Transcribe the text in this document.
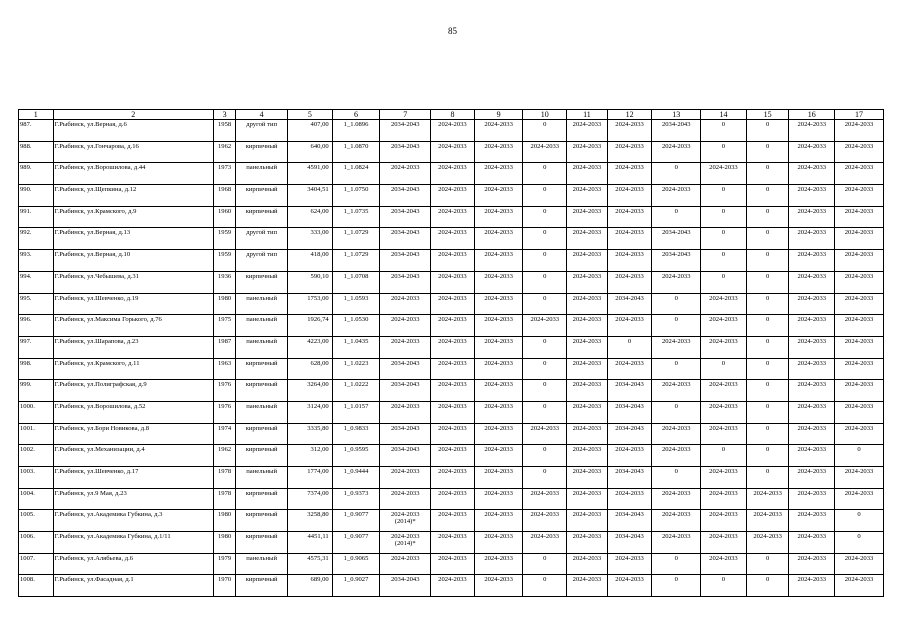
85
1	2	3	4	5	6	7	8	9	10	11	12	13	14	15	16	17
987.	Г.Рыбинск, ул.Верная, д.6	1958	другой тип	407,00	1_1.0896	2034-2043	2024-2033	2024-2033	0	2024-2033	2024-2033	2034-2043	0	0	2024-2033	2024-2033
988.	Г.Рыбинск, ул.Гончарова, д.16	1962	кирпичный	640,00	1_1.0870	2034-2043	2024-2033	2024-2033	2024-2033	2024-2033	2024-2033	2024-2033	0	0	2024-2033	2024-2033
989.	Г.Рыбинск, ул.Ворошилова, д.44	1973	панельный	4591,00	1_1.0824	2024-2033	2024-2033	2024-2033	0	2024-2033	2024-2033	0	2024-2033	0	2024-2033	2024-2033
990.	Г.Рыбинск, ул.Щепкина, д.12	1968	кирпичный	3404,51	1_1.0750	2034-2043	2024-2033	2024-2033	0	2024-2033	2024-2033	2024-2033	0	0	2024-2033	2024-2033
991.	Г.Рыбинск, ул.Крамского, д.9	1960	кирпичный	624,00	1_1.0735	2034-2043	2024-2033	2024-2033	0	2024-2033	2024-2033	0	0	0	2024-2033	2024-2033
992.	Г.Рыбинск, ул.Верная, д.13	1959	другой тип	333,00	1_1.0729	2034-2043	2024-2033	2024-2033	0	2024-2033	2024-2033	2034-2043	0	0	2024-2033	2024-2033
993.	Г.Рыбинск, ул.Верная, д.10	1959	другой тип	418,00	1_1.0729	2034-2043	2024-2033	2024-2033	0	2024-2033	2024-2033	2034-2043	0	0	2024-2033	2024-2033
994.	Г.Рыбинск, ул.Чебышева, д.31	1936	кирпичный	590,10	1_1.0708	2034-2043	2024-2033	2024-2033	0	2024-2033	2024-2033	2024-2033	0	0	2024-2033	2024-2033
995.	Г.Рыбинск, ул.Шевченко, д.19	1980	панельный	1753,00	1_1.0593	2024-2033	2024-2033	2024-2033	0	2024-2033	2034-2043	0	2024-2033	0	2024-2033	2024-2033
996.	Г.Рыбинск, ул.Максима Горького, д.76	1975	панельный	1926,74	1_1.0530	2024-2033	2024-2033	2024-2033	2024-2033	2024-2033	2024-2033	0	2024-2033	0	2024-2033	2024-2033
997.	Г.Рыбинск, ул.Шарапова, д.23	1987	панельный	4223,00	1_1.0435	2024-2033	2024-2033	2024-2033	0	2024-2033	0	2024-2033	2024-2033	0	2024-2033	2024-2033
998.	Г.Рыбинск, ул.Крамского, д.11	1963	кирпичный	628,00	1_1.0223	2034-2043	2024-2033	2024-2033	0	2024-2033	2024-2033	0	0	0	2024-2033	2024-2033
999.	Г.Рыбинск, ул.Полиграфская, д.9	1976	кирпичный	3264,00	1_1.0222	2034-2043	2024-2033	2024-2033	0	2024-2033	2034-2043	2024-2033	2024-2033	0	2024-2033	2024-2033
1000.	Г.Рыбинск, ул.Ворошилова, д.52	1976	панельный	3124,00	1_1.0157	2024-2033	2024-2033	2024-2033	0	2024-2033	2034-2043	0	2024-2033	0	2024-2033	2024-2033
1001.	Г.Рыбинск, ул.Бори Новикова, д.8	1974	кирпичный	3335,80	1_0.9833	2034-2043	2024-2033	2024-2033	2024-2033	2024-2033	2034-2043	2024-2033	2024-2033	0	2024-2033	2024-2033
1002.	Г.Рыбинск, ул.Механизации, д.4	1962	кирпичный	312,00	1_0.9595	2034-2043	2024-2033	2024-2033	0	2024-2033	2024-2033	2024-2033	0	0	2024-2033	0
1003.	Г.Рыбинск, ул.Шевченко, д.17	1978	панельный	1774,00	1_0.9444	2024-2033	2024-2033	2024-2033	0	2024-2033	2034-2043	0	2024-2033	0	2024-2033	2024-2033
1004.	Г.Рыбинск, ул.9 Мая, д.23	1978	кирпичный	7374,00	1_0.9373	2024-2033	2024-2033	2024-2033	2024-2033	2024-2033	2024-2033	2024-2033	2024-2033	2024-2033	2024-2033	2024-2033
1005.	Г.Рыбинск, ул.Академика Губкина, д.3	1980	кирпичный	3258,80	1_0.9077	2024-2033 (2014)*	2024-2033	2024-2033	2024-2033	2024-2033	2034-2043	2024-2033	2024-2033	2024-2033	2024-2033	0
1006.	Г.Рыбинск, ул.Академика Губкина, д.1/11	1980	кирпичный	4451,11	1_0.9077	2024-2033 (2014)*	2024-2033	2024-2033	2024-2033	2024-2033	2034-2043	2024-2033	2024-2033	2024-2033	2024-2033	0
1007.	Г.Рыбинск, ул.Алябьева, д.6	1979	панельный	4575,31	1_0.9065	2024-2033	2024-2033	2024-2033	0	2024-2033	2024-2033	0	2024-2033	0	2024-2033	2024-2033
1008.	Г.Рыбинск, ул.Фасадная, д.1	1970	кирпичный	689,00	1_0.9027	2034-2043	2024-2033	2024-2033	0	2024-2033	2024-2033	0	0	0	2024-2033	2024-2033
